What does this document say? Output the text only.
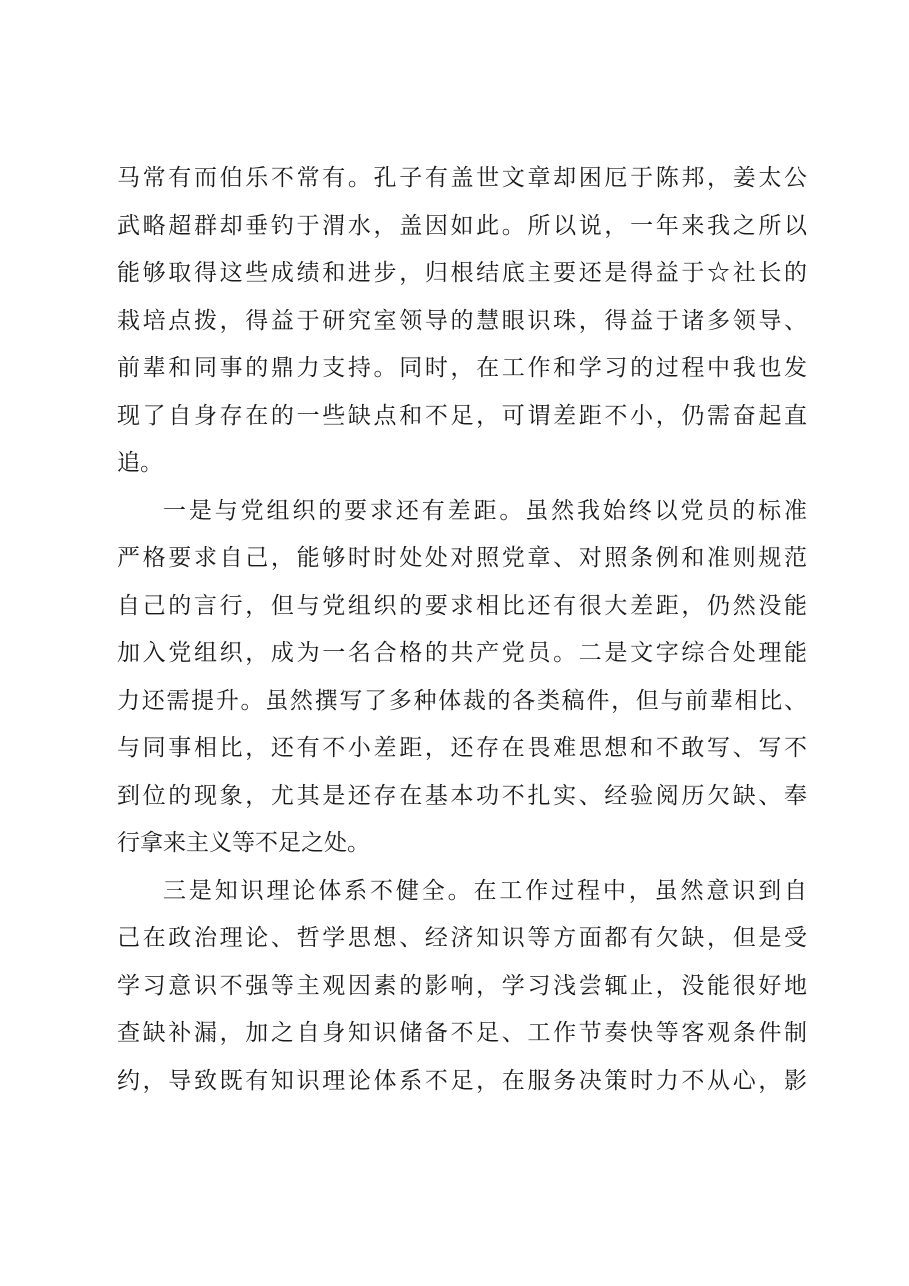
马常有而伯乐不常有。孔子有盖世文章却困厄于陈邦，姜太公
武略超群却垂钓于渭水，盖因如此。所以说，一年来我之所以
能够取得这些成绩和进步，归根结底主要还是得益于☆社长的
栽培点拨，得益于研究室领导的慧眼识珠，得益于诸多领导、
前辈和同事的鼎力支持。同时，在工作和学习的过程中我也发
现了自身存在的一些缺点和不足，可谓差距不小，仍需奋起直
追。
一是与党组织的要求还有差距。虽然我始终以党员的标准
严格要求自己，能够时时处处对照党章、对照条例和准则规范
自己的言行，但与党组织的要求相比还有很大差距，仍然没能
加入党组织，成为一名合格的共产党员。二是文字综合处理能
力还需提升。虽然撰写了多种体裁的各类稿件，但与前辈相比、
与同事相比，还有不小差距，还存在畏难思想和不敢写、写不
到位的现象，尤其是还存在基本功不扎实、经验阅历欠缺、奉
行拿来主义等不足之处。
三是知识理论体系不健全。在工作过程中，虽然意识到自
己在政治理论、哲学思想、经济知识等方面都有欠缺，但是受
学习意识不强等主观因素的影响，学习浅尝辄止，没能很好地
查缺补漏，加之自身知识储备不足、工作节奏快等客观条件制
约，导致既有知识理论体系不足，在服务决策时力不从心，影
